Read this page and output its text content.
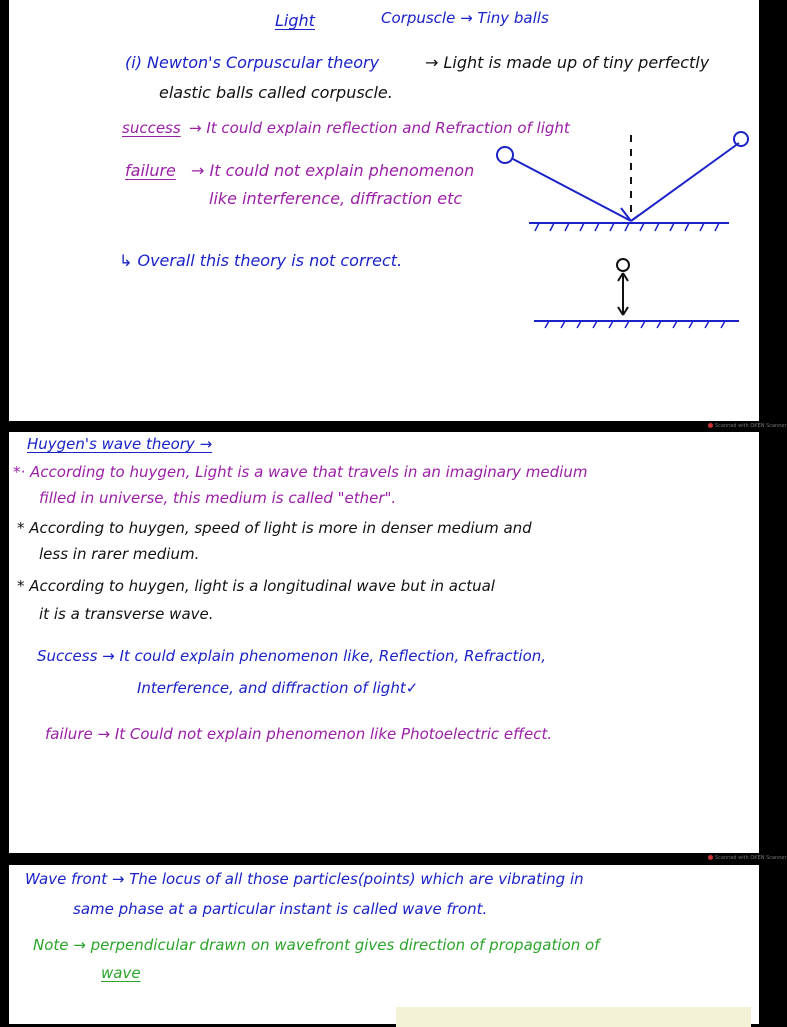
Light	Corpuscle → Tiny balls
(i) Newton's Corpuscular theory	→ Light is made up of tiny perfectly
elastic balls called corpuscle.
success → It could explain reflection and Refraction of light
failure → It could not explain phenomenon
like interference, diffraction etc
↳ Overall this theory is not correct.
Scanned with OKEN Scanner
Huygen's wave theory →
*· According to huygen, Light is a wave that travels in an imaginary medium
filled in universe, this medium is called "ether".
* According to huygen, speed of light is more in denser medium and
less in rarer medium.
* According to huygen, light is a longitudinal wave but in actual
it is a transverse wave.
Success → It could explain phenomenon like, Reflection, Refraction,
Interference, and diffraction of light✓
failure → It Could not explain phenomenon like Photoelectric effect.
Scanned with OKEN Scanner
Wave front → The locus of all those particles(points) which are vibrating in
same phase at a particular instant is called wave front.
Note → perpendicular drawn on wavefront gives direction of propagation of
wave
